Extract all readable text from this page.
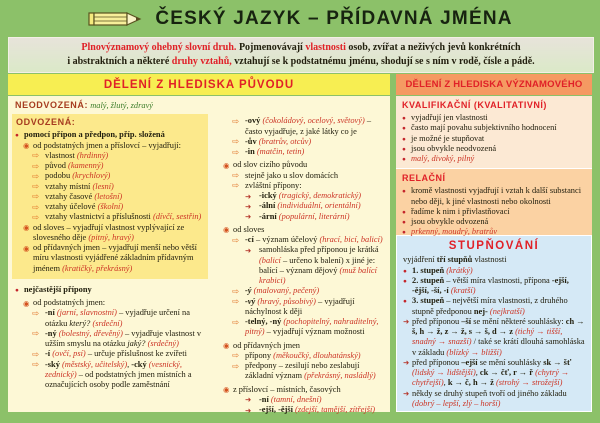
ČESKÝ JAZYK – PŘÍDAVNÁ JMÉNA
Plnovýznamový ohebný slovní druh. Pojmenovávají vlastnosti osob, zvířat a neživých jevů konkrétních
i abstraktních a některé druhy vztahů, vztahují se k podstatnému jménu, shodují se s ním v rodě, čísle a pádě.
DĚLENÍ Z HLEDISKA PŮVODU	DĚLENÍ Z HLEDISKA VÝZNAMOVÉHO
NEODVOZENÁ: malý, žlutý, zdravý
ODVOZENÁ:
● pomocí přípon a předpon, příp. složená
◉ od podstatných jmen a příslovcí – vyjadřují:
⇨ vlastnost (hrdinný)
⇨ původ (kamenný)
⇨ podobu (krychlový)
⇨ vztahy místní (lesní)
⇨ vztahy časové (letošní)
⇨ vztahy účelové (školní)
⇨ vztahy vlastnictví a příslušnosti (dívčí, sestřin)
◉ od sloves – vyjadřují vlastnost vyplývající ze slovesného děje (pitný, hravý)
◉ od přídavných jmen – vyjadřují menší nebo větší míru vlastnosti vyjádřené základním přídavným jménem (kratičký, překrásný)
● nejčastější přípony
◉ od podstatných jmen:
⇨ -ní (jarní, slavnostní) – vyjadřuje určení na otázku který? (srdeční)
⇨ -ný (bolestný, dřevěný) – vyjadřuje vlastnost v užším smyslu na otázku jaký? (srdečný)
⇨ -í (ovčí, psí) – určuje příslušnost ke zvířeti
⇨ -ský (městský, učitelský), -cký (vesnický, zednický) – od podstatných jmen místních a označujících osoby podle zaměstnání
⇨ -ový (čokoládový, ocelový, světový) – často vyjadřuje, z jaké látky co je
⇨ -ův (bratrův, otcův)
⇨ -in (matčin, tetin)
◉ od slov cizího původu
⇨ stejně jako u slov domácích
⇨ zvláštní přípony:
➜ -ický (tragický, demokratický)
➜ -ální (individuální, orientální)
➜ -ární (populární, literární)
◉ od sloves
⇨ -cí – význam účelový (hrací, bicí, balicí)
➜ samohláska před příponou je krátká (balicí – určeno k balení) x jiné je: balící – význam dějový (muž balící krabici)
⇨ -ý (malovaný, pečený)
⇨ -vý (hravý, působivý) – vyjadřují náchylnost k ději
⇨ -telný, -ný (pochopitelný, nahraditelný, pitný) – vyjadřují význam možnosti
◉ od přídavných jmen
⇨ přípony (měkoučký, dlouhatánský)
⇨ předpony – zesilují nebo zeslabují základní význam (překrásný, nasládlý)
◉ z příslovcí – místních, časových
➜ -ní (tamní, dnešní)
➜ -ejší, -ější (zdejší, tamější, zítřejší)
KVALIFIKAČNÍ (KVALITATIVNÍ)
● vyjadřují jen vlastnosti
● často mají povahu subjektivního hodnocení
● je možné je stupňovat
● jsou obvykle neodvozená
● malý, divoký, pilný
RELAČNÍ
● kromě vlastnosti vyjadřují i vztah k další substanci nebo ději, k jiné vlastnosti nebo okolnosti
● řadíme k nim i přivlastňovací
● jsou obvykle odvozená
● prkenný, moudrý, bratrův
STUPŇOVÁNÍ
vyjádření tří stupňů vlastnosti
● 1. stupeň (krátký)
● 2. stupeň – větší míra vlastnosti, přípona -ejší, -ější, -ší, -í (kratší)
● 3. stupeň – největší míra vlastnosti, z druhého stupně předponou nej- (nejkratší)
➜ před příponou –ší se mění některé souhlásky: ch → š, h → ž, z → ž, s → š, d → z (tichý → tišší, snadný → snazší) / také se krátí dlouhá samohláska v základu (blízký → bližší)
➜ před příponou –ejší se mění souhlásky sk → šť (lidský → lidštější), ck → čť, r → ř (chytrý → chytřejší), k → č, h → ž (strohý → strožejší)
➜ někdy se druhý stupeň tvoří od jiného základu (dobrý – lepší, zlý – horší)
